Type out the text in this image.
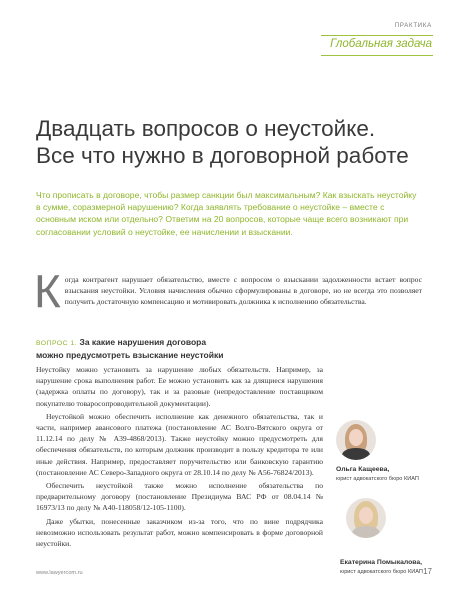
ПРАКТИКА
Глобальная задача
Двадцать вопросов о неустойке.
Все что нужно в договорной работе
Что прописать в договоре, чтобы размер санкции был максимальным? Как взыскать неустойку в сумме, соразмерной нарушению? Когда заявлять требование о неустойке – вместе с основным иском или отдельно? Ответим на 20 вопросов, которые чаще всего возникают при согласовании условий о неустойке, ее начислении и взыскании.
К огда контрагент нарушает обязательство, вместе с вопросом о взыскании задолженности встает вопрос взыскания неустойки. Условия начисления обычно сформулированы в договоре, но не всегда это позволяет получить достаточную компенсацию и мотивировать должника к исполнению обязательства.

ВОПРОС 1. За какие нарушения договора
можно предусмотреть взыскание неустойки

Неустойку можно установить за нарушение любых обязательств. Например, за нарушение срока выполнения работ. Ее можно установить как за длящиеся нарушения (задержка оплаты по договору), так и за разовые (непредоставление поставщиком покупателю товаросопроводительной документации).

Неустойкой можно обеспечить исполнение как денежного обязательства, так и части, например авансового платежа (постановление АС Волго-Вятского округа от 11.12.14 по делу № А39-4868/2013). Также неустойку можно предусмотреть для обеспечения обязательств, по которым должник производит в пользу кредитора те или иные действия. Например, предоставляет поручительство или банковскую гарантию (постановление АС Северо-Западного округа от 28.10.14 по делу № А56-76824/2013).

Обеспечить неустойкой также можно исполнение обязательства по предварительному договору (постановление Президиума ВАС РФ от 08.04.14 № 16973/13 по делу № А40-118058/12-105-1100).

Даже убытки, понесенные заказчиком из-за того, что по вине подрядчика невозможно использовать результат работ, можно компенсировать в форме договорной неустойки.

Ольга Кащеева,
юрист адвокатского бюро КИАП
Екатерина Помыкалова,
юрист адвокатского бюро КИАП
www.lawyercom.ru	17
